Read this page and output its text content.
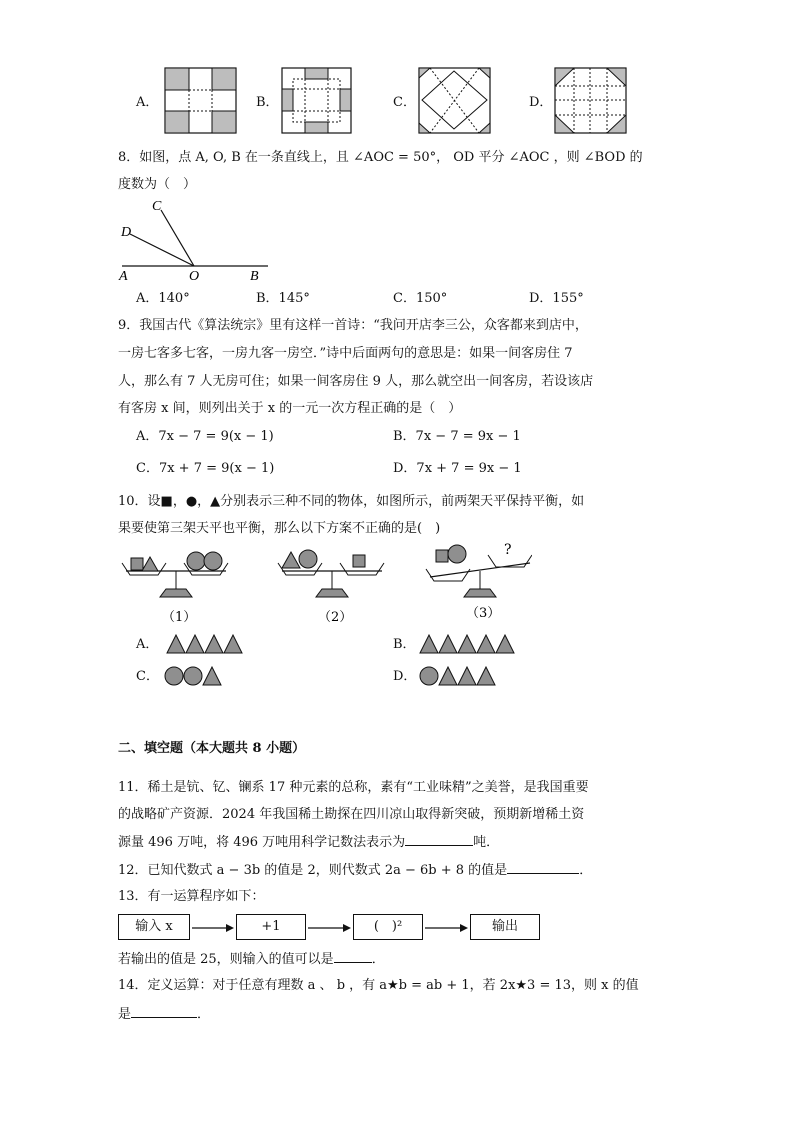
A．	B．	C．	D．
8．如图，点 A, O, B 在一条直线上，且 ∠AOC = 50°， OD 平分 ∠AOC ，则 ∠BOD 的
度数为（　）
C
D
A	O	B
A．140°	B．145°	C．150°	D．155°
9．我国古代《算法统宗》里有这样一首诗：“我问开店李三公，众客都来到店中，
一房七客多七客，一房九客一房空．”诗中后面两句的意思是：如果一间客房住 7
人，那么有 7 人无房可住；如果一间客房住 9 人，那么就空出一间客房，若设该店
有客房 x 间，则列出关于 x 的一元一次方程正确的是（　）
A．7x − 7 = 9(x − 1)	B．7x − 7 = 9x − 1
C．7x + 7 = 9(x − 1)	D．7x + 7 = 9x − 1
10．设■，●，▲分别表示三种不同的物体，如图所示，前两架天平保持平衡，如
果要使第三架天平也平衡，那么以下方案不正确的是(　)
（1）	（2）
?
（3）
A．	B．
C．	D．
二、填空题（本大题共 8 小题）
11．稀土是钪、钇、镧系 17 种元素的总称，素有“工业味精”之美誉，是我国重要
的战略矿产资源．2024 年我国稀土勘探在四川凉山取得新突破，预期新增稀土资
源量 496 万吨，将 496 万吨用科学记数法表示为	吨．
12．已知代数式 a − 3b 的值是 2，则代数式 2a − 6b + 8 的值是	．
13．有一运算程序如下：
输入 x	+1	(　)²	输出
若输出的值是 25，则输入的值可以是	．
14．定义运算：对于任意有理数 a 、 b ，有 a★b = ab + 1，若 2x★3 = 13，则 x 的值
是	．
